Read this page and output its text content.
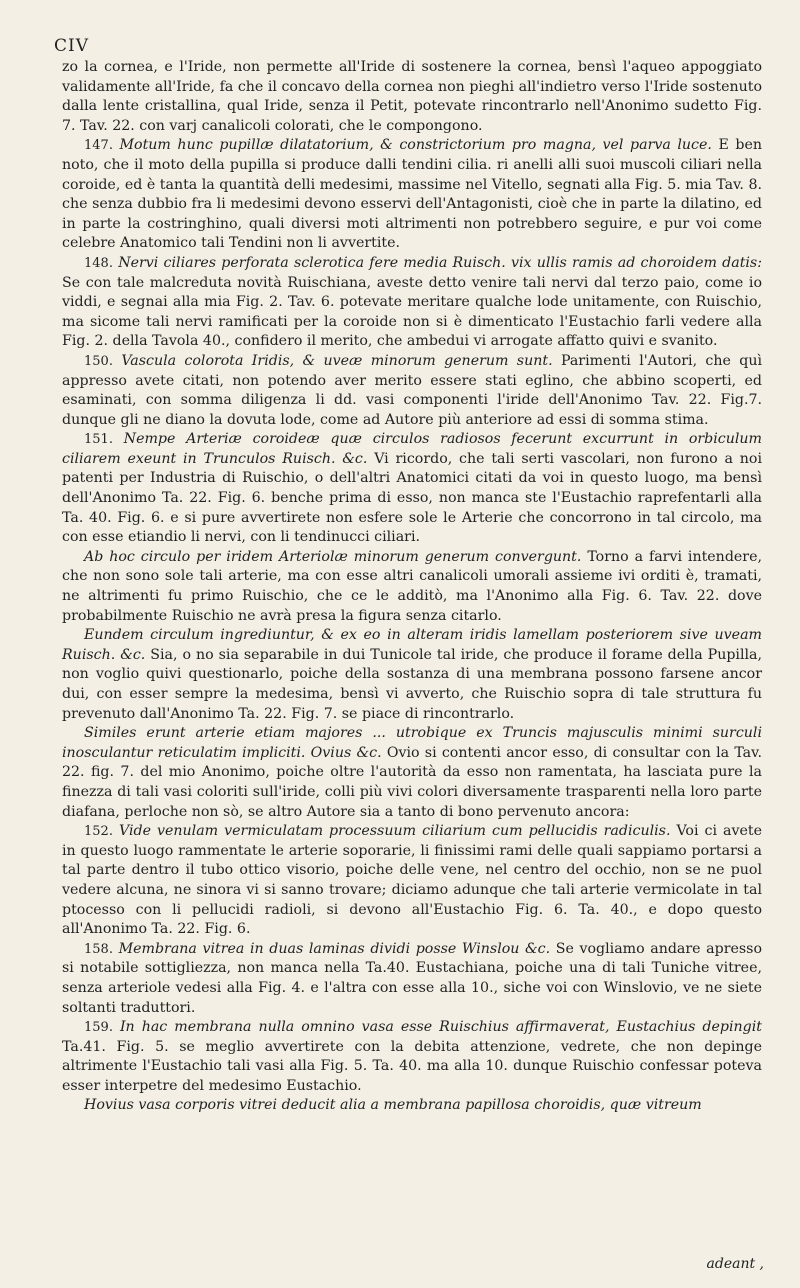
CIV

zo la cornea, e l'Iride, non permette all'Iride di sostenere la cornea, bensì l'aqueo appoggiato validamente all'Iride, fa che il concavo della cornea non pieghi all'indietro verso l'Iride sostenuto dalla lente cristallina, qual Iride, senza il Petit, potevate rincontrarlo nell'Anonimo sudetto Fig. 7. Tav. 22. con varj canalicoli colorati, che le compongono.

147. Motum hunc pupillæ dilatatorium, & constrictorium pro magna, vel parva luce. E ben noto, che il moto della pupilla si produce dalli tendini cilia. ri anelli alli suoi muscoli ciliari nella coroide, ed è tanta la quantità delli medesimi, massime nel Vitello, segnati alla Fig. 5. mia Tav. 8. che senza dubbio fra li medesimi devono esservi dell'Antagonisti, cioè che in parte la dilatino, ed in parte la costringhino, quali diversi moti altrimenti non potrebbero seguire, e pur voi come celebre Anatomico tali Tendini non li avvertite.

148. Nervi ciliares perforata sclerotica fere media Ruisch. vix ullis ramis ad choroidem datis: Se con tale malcreduta novità Ruischiana, aveste detto venire tali nervi dal terzo paio, come io viddi, e segnai alla mia Fig. 2. Tav. 6. potevate meritare qualche lode unitamente, con Ruischio, ma sicome tali nervi ramificati per la coroide non si è dimenticato l'Eustachio farli vedere alla Fig. 2. della Tavola 40., confidero il merito, che ambedui vi arrogate affatto quivi e svanito.

150. Vascula colorota Iridis, & uveæ minorum generum sunt. Parimenti l'Autori, che quì appresso avete citati, non potendo aver merito essere stati eglino, che abbino scoperti, ed esaminati, con somma diligenza li dd. vasi componenti l'iride dell'Anonimo Tav. 22. Fig.7. dunque gli ne diano la dovuta lode, come ad Autore più anteriore ad essi di somma stima.

151. Nempe Arteriæ coroideæ quæ circulos radiosos fecerunt excurrunt in orbiculum ciliarem exeunt in Trunculos Ruisch. &c. Vi ricordo, che tali serti vascolari, non furono a noi patenti per Industria di Ruischio, o dell'altri Anatomici citati da voi in questo luogo, ma bensì dell'Anonimo Ta. 22. Fig. 6. benche prima di esso, non manca ste l'Eustachio raprefentarli alla Ta. 40. Fig. 6. e si pure avvertirete non esfere sole le Arterie che concorrono in tal circolo, ma con esse etiandio li nervi, con li tendinucci ciliari.

Ab hoc circulo per iridem Arteriolæ minorum generum convergunt. Torno a farvi intendere, che non sono sole tali arterie, ma con esse altri canalicoli umorali assieme ivi orditi è, tramati, ne altrimenti fu primo Ruischio, che ce le additò, ma l'Anonimo alla Fig. 6. Tav. 22. dove probabilmente Ruischio ne avrà presa la figura senza citarlo.

Eundem circulum ingrediuntur, & ex eo in alteram iridis lamellam posteriorem sive uveam Ruisch. &c. Sia, o no sia separabile in dui Tunicole tal iride, che produce il forame della Pupilla, non voglio quivi questionarlo, poiche della sostanza di una membrana possono farsene ancor dui, con esser sempre la medesima, bensì vi avverto, che Ruischio sopra di tale struttura fu prevenuto dall'Anonimo Ta. 22. Fig. 7. se piace di rincontrarlo.

Similes erunt arterie etiam majores ... utrobique ex Truncis majusculis minimi surculi inosculantur reticulatim impliciti. Ovius &c. Ovio si contenti ancor esso, di consultar con la Tav. 22. fig. 7. del mio Anonimo, poiche oltre l'autorità da esso non ramentata, ha lasciata pure la finezza di tali vasi coloriti sull'iride, colli più vivi colori diversamente trasparenti nella loro parte diafana, perloche non sò, se altro Autore sia a tanto di bono pervenuto ancora:

152. Vide venulam vermiculatam processuum ciliarium cum pellucidis radiculis. Voi ci avete in questo luogo rammentate le arterie soporarie, li finissimi rami delle quali sappiamo portarsi a tal parte dentro il tubo ottico visorio, poiche delle vene, nel centro del occhio, non se ne puol vedere alcuna, ne sinora vi si sanno trovare; diciamo adunque che tali arterie vermicolate in tal ptocesso con li pellucidi radioli, si devono all'Eustachio Fig. 6. Ta. 40., e dopo questo all'Anonimo Ta. 22. Fig. 6.

158. Membrana vitrea in duas laminas dividi posse Winslou &c. Se vogliamo andare apresso si notabile sottigliezza, non manca nella Ta.40. Eustachiana, poiche una di tali Tuniche vitree, senza arteriole vedesi alla Fig. 4. e l'altra con esse alla 10., siche voi con Winslovio, ve ne siete soltanti traduttori.

159. In hac membrana nulla omnino vasa esse Ruischius affirmaverat, Eustachius depingit Ta.41. Fig. 5. se meglio avvertirete con la debita attenzione, vedrete, che non depinge altrimente l'Eustachio tali vasi alla Fig. 5. Ta. 40. ma alla 10. dunque Ruischio confessar poteva esser interpetre del medesimo Eustachio.

Hovius vasa corporis vitrei deducit alia a membrana papillosa choroidis, quæ vitreum

adeant ,
